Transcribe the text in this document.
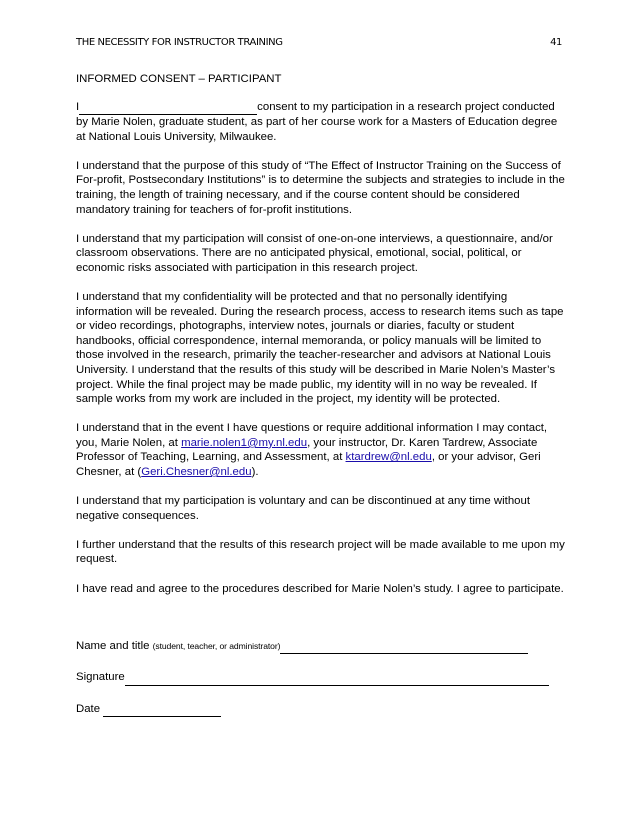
THE NECESSITY FOR INSTRUCTOR TRAINING	41

INFORMED CONSENT – PARTICIPANT

I	consent to my participation in a research project conducted by Marie Nolen, graduate student, as part of her course work for a Masters of Education degree at National Louis University, Milwaukee.

I understand that the purpose of this study of “The Effect of Instructor Training on the Success of For-profit, Postsecondary Institutions” is to determine the subjects and strategies to include in the training, the length of training necessary, and if the course content should be considered mandatory training for teachers of for-profit institutions.

I understand that my participation will consist of one-on-one interviews, a questionnaire, and/or classroom observations. There are no anticipated physical, emotional, social, political, or economic risks associated with participation in this research project.

I understand that my confidentiality will be protected and that no personally identifying information will be revealed. During the research process, access to research items such as tape or video recordings, photographs, interview notes, journals or diaries, faculty or student handbooks, official correspondence, internal memoranda, or policy manuals will be limited to those involved in the research, primarily the teacher-researcher and advisors at National Louis University. I understand that the results of this study will be described in Marie Nolen’s Master’s project. While the final project may be made public, my identity will in no way be revealed. If sample works from my work are included in the project, my identity will be protected.

I understand that in the event I have questions or require additional information I may contact, you, Marie Nolen, at marie.nolen1@my.nl.edu, your instructor, Dr. Karen Tardrew, Associate Professor of Teaching, Learning, and Assessment, at ktardrew@nl.edu, or your advisor, Geri Chesner, at (Geri.Chesner@nl.edu).

I understand that my participation is voluntary and can be discontinued at any time without negative consequences.

I further understand that the results of this research project will be made available to me upon my request.

I have read and agree to the procedures described for Marie Nolen’s study. I agree to participate.

Name and title (student, teacher, or administrator)

Signature

Date
